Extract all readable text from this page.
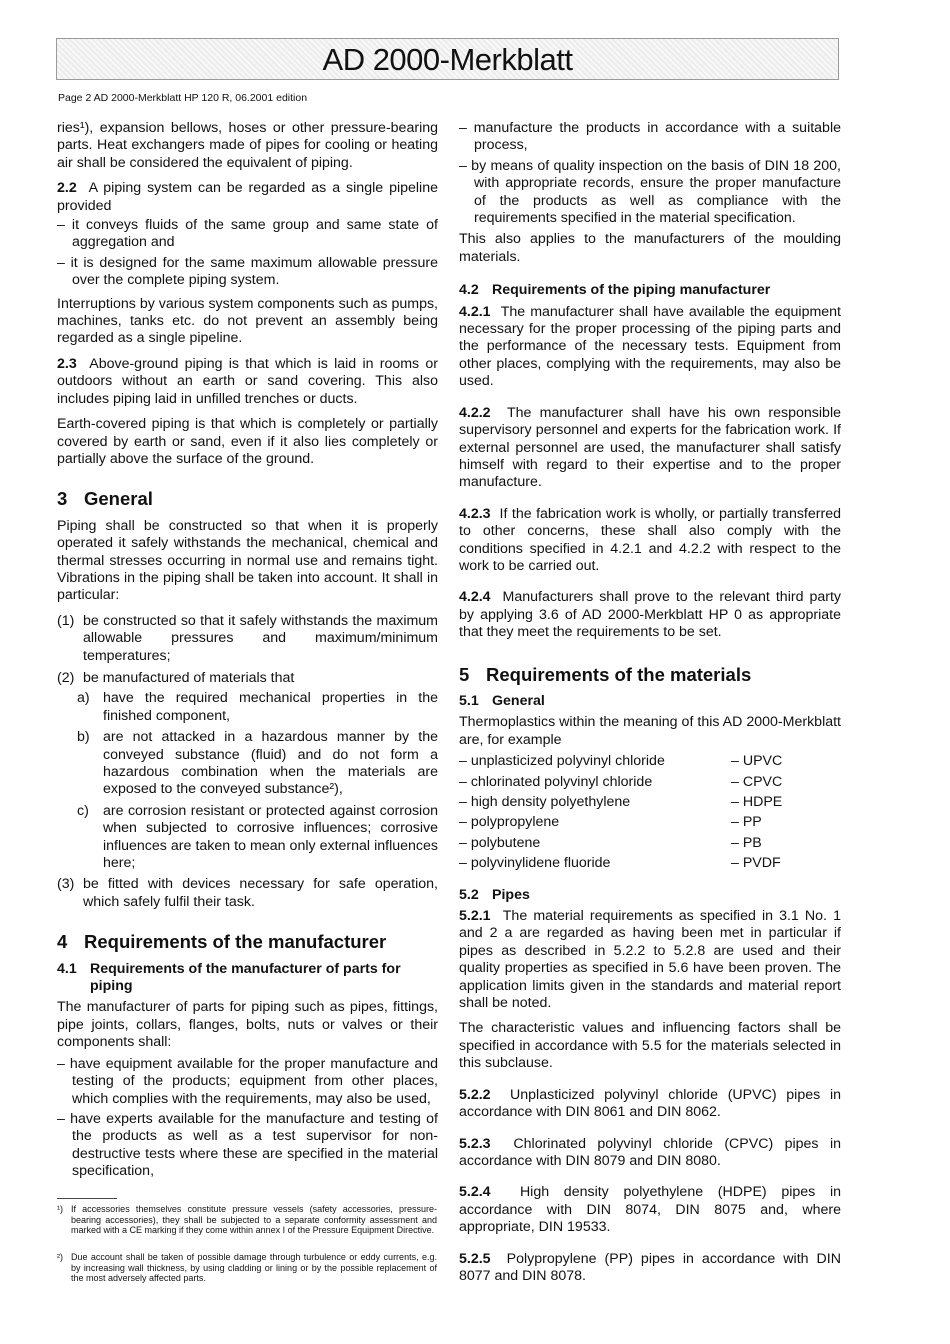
AD 2000-Merkblatt
Page 2 AD 2000-Merkblatt HP 120 R, 06.2001 edition

ries¹), expansion bellows, hoses or other pressure-bearing parts. Heat exchangers made of pipes for cooling or heating air shall be considered the equivalent of piping.

2.2 A piping system can be regarded as a single pipeline provided

– it conveys fluids of the same group and same state of aggregation and
– it is designed for the same maximum allowable pressure over the complete piping system.

Interruptions by various system components such as pumps, machines, tanks etc. do not prevent an assembly being regarded as a single pipeline.

2.3 Above-ground piping is that which is laid in rooms or outdoors without an earth or sand covering. This also includes piping laid in unfilled trenches or ducts.

Earth-covered piping is that which is completely or partially covered by earth or sand, even if it also lies completely or partially above the surface of the ground.

3 General

Piping shall be constructed so that when it is properly operated it safely withstands the mechanical, chemical and thermal stresses occurring in normal use and remains tight. Vibrations in the piping shall be taken into account. It shall in particular:

(1) be constructed so that it safely withstands the maximum allowable pressures and maximum/minimum temperatures;
(2) be manufactured of materials that
a) have the required mechanical properties in the finished component,
b) are not attacked in a hazardous manner by the conveyed substance (fluid) and do not form a hazardous combination when the materials are exposed to the conveyed substance²),
c) are corrosion resistant or protected against corrosion when subjected to corrosive influences; corrosive influences are taken to mean only external influences here;
(3) be fitted with devices necessary for safe operation, which safely fulfil their task.
4 Requirements of the manufacturer
4.1 Requirements of the manufacturer of parts for piping

The manufacturer of parts for piping such as pipes, fittings, pipe joints, collars, flanges, bolts, nuts or valves or their components shall:

– have equipment available for the proper manufacture and testing of the products; equipment from other places, which complies with the requirements, may also be used,
– have experts available for the manufacture and testing of the products as well as a test supervisor for non-destructive tests where these are specified in the material specification,
¹) If accessories themselves constitute pressure vessels (safety accessories, pressure-bearing accessories), they shall be subjected to a separate conformity assessment and marked with a CE marking if they come within annex I of the Pressure Equipment Directive.
²) Due account shall be taken of possible damage through turbulence or eddy currents, e.g. by increasing wall thickness, by using cladding or lining or by the possible replacement of the most adversely affected parts.
– manufacture the products in accordance with a suitable process,
– by means of quality inspection on the basis of DIN 18 200, with appropriate records, ensure the proper manufacture of the products as well as compliance with the requirements specified in the material specification.

This also applies to the manufacturers of the moulding materials.

4.2 Requirements of the piping manufacturer

4.2.1 The manufacturer shall have available the equipment necessary for the proper processing of the piping parts and the performance of the necessary tests. Equipment from other places, complying with the requirements, may also be used.

4.2.2 The manufacturer shall have his own responsible supervisory personnel and experts for the fabrication work. If external personnel are used, the manufacturer shall satisfy himself with regard to their expertise and to the proper manufacture.

4.2.3 If the fabrication work is wholly, or partially transferred to other concerns, these shall also comply with the conditions specified in 4.2.1 and 4.2.2 with respect to the work to be carried out.

4.2.4 Manufacturers shall prove to the relevant third party by applying 3.6 of AD 2000-Merkblatt HP 0 as appropriate that they meet the requirements to be set.

5 Requirements of the materials
5.1 General

Thermoplastics within the meaning of this AD 2000-Merkblatt are, for example

– unplasticized polyvinyl chloride	– UPVC
– chlorinated polyvinyl chloride	– CPVC
– high density polyethylene	– HDPE
– polypropylene	– PP
– polybutene	– PB
– polyvinylidene fluoride	– PVDF
5.2 Pipes

5.2.1 The material requirements as specified in 3.1 No. 1 and 2 a are regarded as having been met in particular if pipes as described in 5.2.2 to 5.2.8 are used and their quality properties as specified in 5.6 have been proven. The application limits given in the standards and material report shall be noted.

The characteristic values and influencing factors shall be specified in accordance with 5.5 for the materials selected in this subclause.

5.2.2 Unplasticized polyvinyl chloride (UPVC) pipes in accordance with DIN 8061 and DIN 8062.

5.2.3 Chlorinated polyvinyl chloride (CPVC) pipes in accordance with DIN 8079 and DIN 8080.

5.2.4 High density polyethylene (HDPE) pipes in accordance with DIN 8074, DIN 8075 and, where appropriate, DIN 19533.

5.2.5 Polypropylene (PP) pipes in accordance with DIN 8077 and DIN 8078.
